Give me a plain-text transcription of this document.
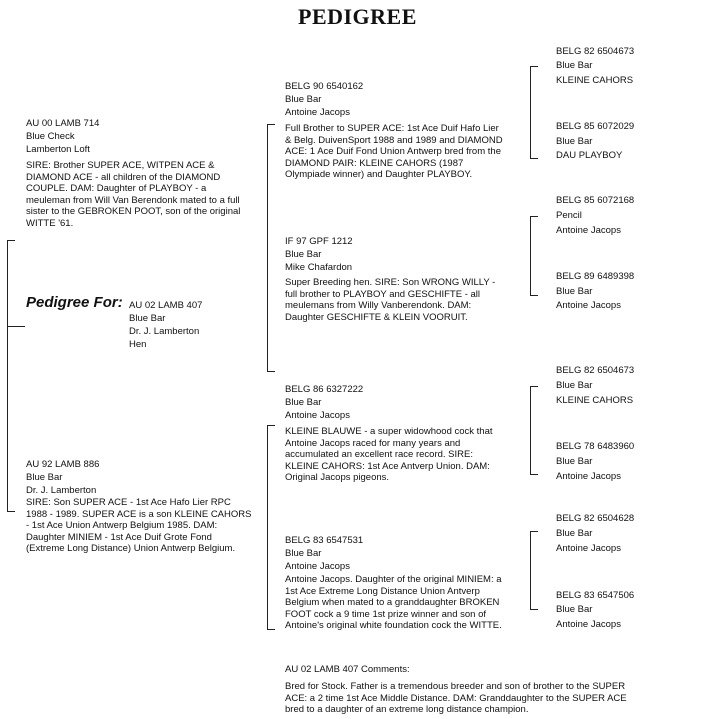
PEDIGREE
Pedigree For: AU 02 LAMB 407
Blue Bar
Dr. J. Lamberton
Hen
AU 00 LAMB 714
Blue Check
Lamberton Loft
SIRE: Brother SUPER ACE, WITPEN ACE & DIAMOND ACE - all children of the DIAMOND COUPLE. DAM: Daughter of PLAYBOY - a meuleman from Will Van Berendonk mated to a full sister to the GEBROKEN POOT, son of the original WITTE '61.
AU 92 LAMB 886
Blue Bar
Dr. J. Lamberton
SIRE: Son SUPER ACE - 1st Ace Hafo Lier RPC 1988 - 1989. SUPER ACE is a son KLEINE CAHORS - 1st Ace Union Antwerp Belgium 1985. DAM: Daughter MINIEM - 1st Ace Duif Grote Fond (Extreme Long Distance) Union Antwerp Belgium.
BELG 90 6540162
Blue Bar
Antoine Jacops
Full Brother to SUPER ACE: 1st Ace Duif Hafo Lier & Belg. DuivenSport 1988 and 1989 and DIAMOND ACE: 1 Ace Duif Fond Union Antwerp bred from the DIAMOND PAIR: KLEINE CAHORS (1987 Olympiade winner) and Daughter PLAYBOY.
IF 97 GPF 1212
Blue Bar
Mike Chafardon
Super Breeding hen. SIRE: Son WRONG WILLY - full brother to PLAYBOY and GESCHIFTE - all meulemans from Willy Vanberendonk. DAM: Daughter GESCHIFTE & KLEIN VOORUIT.
BELG 86 6327222
Blue Bar
Antoine Jacops
KLEINE BLAUWE - a super widowhood cock that Antoine Jacops raced for many years and accumulated an excellent race record. SIRE: KLEINE CAHORS: 1st Ace Antverp Union. DAM: Original Jacops pigeons.
BELG 83 6547531
Blue Bar
Antoine Jacops
Antoine Jacops. Daughter of the original MINIEM: a 1st Ace Extreme Long Distance Union Antverp Belgium when mated to a granddaughter BROKEN FOOT cock a 9 time 1st prize winner and son of Antoine's original white foundation cock the WITTE.
BELG 82 6504673
Blue Bar
KLEINE CAHORS
BELG 85 6072029
Blue Bar
DAU PLAYBOY
BELG 85 6072168
Pencil
Antoine Jacops
BELG 89 6489398
Blue Bar
Antoine Jacops
BELG 82 6504673
Blue Bar
KLEINE CAHORS
BELG 78 6483960
Blue Bar
Antoine Jacops
BELG 82 6504628
Blue Bar
Antoine Jacops
BELG 83 6547506
Blue Bar
Antoine Jacops
AU 02 LAMB 407 Comments:
Bred for Stock. Father is a tremendous breeder and son of brother to the SUPER ACE: a 2 time 1st Ace Middle Distance. DAM: Granddaughter to the SUPER ACE bred to a daughter of an extreme long distance champion.
